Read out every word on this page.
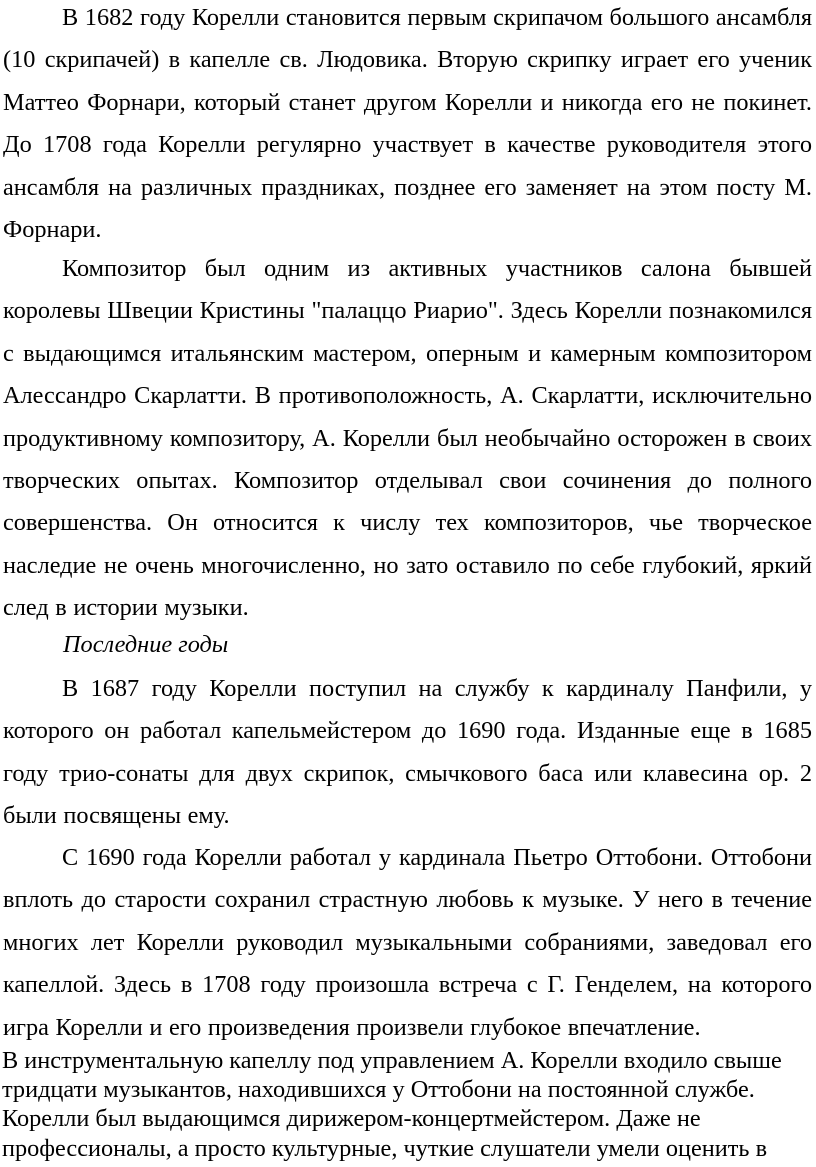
В 1682 году Корелли становится первым скрипачом большого ансамбля (10 скрипачей) в капелле св. Людовика. Вторую скрипку играет его ученик Маттео Форнари, который станет другом Корелли и никогда его не покинет. До 1708 года Корелли регулярно участвует в качестве руководителя этого ансамбля на различных праздниках, позднее его заменяет на этом посту М. Форнари.

Композитор был одним из активных участников салона бывшей королевы Швеции Кристины "палаццо Риарио". Здесь Корелли познакомился с выдающимся итальянским мастером, оперным и камерным композитором Алессандро Скарлатти. В противоположность, А. Скарлатти, исключительно продуктивному композитору, А. Корелли был необычайно осторожен в своих творческих опытах. Композитор отделывал свои сочинения до полного совершенства. Он относится к числу тех композиторов, чье творческое наследие не очень многочисленно, но зато оставило по себе глубокий, яркий след в истории музыки.

Последние годы

В 1687 году Корелли поступил на службу к кардиналу Панфили, у которого он работал капельмейстером до 1690 года. Изданные еще в 1685 году трио-сонаты для двух скрипок, смычкового баса или клавесина ор. 2 были посвящены ему.

С 1690 года Корелли работал у кардинала Пьетро Оттобони. Оттобони вплоть до старости сохранил страстную любовь к музыке. У него в течение многих лет Корелли руководил музыкальными собраниями, заведовал его капеллой. Здесь в 1708 году произошла встреча с Г. Генделем, на которого игра Корелли и его произведения произвели глубокое впечатление.

В инструментальную капеллу под управлением А. Корелли входило свыше тридцати музыкантов, находившихся у Оттобони на постоянной службе. Корелли был выдающимся дирижером-концертмейстером. Даже не профессионалы, а просто культурные, чуткие слушатели умели оценить в
